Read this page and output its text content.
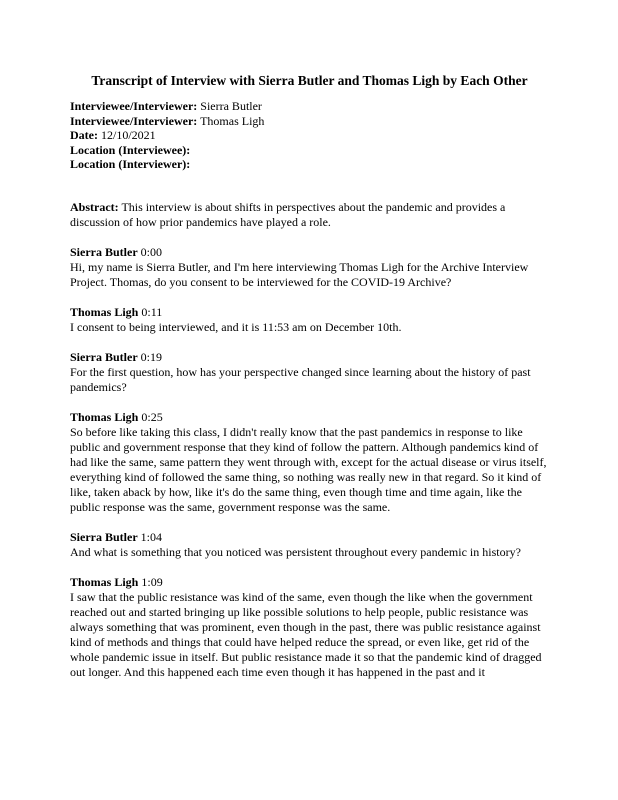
Transcript of Interview with Sierra Butler and Thomas Ligh by Each Other
Interviewee/Interviewer: Sierra Butler
Interviewee/Interviewer: Thomas Ligh
Date: 12/10/2021
Location (Interviewee):
Location (Interviewer):

Abstract: This interview is about shifts in perspectives about the pandemic and provides a discussion of how prior pandemics have played a role.

Sierra Butler 0:00

Hi, my name is Sierra Butler, and I'm here interviewing Thomas Ligh for the Archive Interview Project. Thomas, do you consent to be interviewed for the COVID-19 Archive?

Thomas Ligh 0:11

I consent to being interviewed, and it is 11:53 am on December 10th.

Sierra Butler 0:19

For the first question, how has your perspective changed since learning about the history of past pandemics?

Thomas Ligh 0:25

So before like taking this class, I didn't really know that the past pandemics in response to like public and government response that they kind of follow the pattern. Although pandemics kind of had like the same, same pattern they went through with, except for the actual disease or virus itself, everything kind of followed the same thing, so nothing was really new in that regard. So it kind of like, taken aback by how, like it's do the same thing, even though time and time again, like the public response was the same, government response was the same.

Sierra Butler 1:04

And what is something that you noticed was persistent throughout every pandemic in history?

Thomas Ligh 1:09

I saw that the public resistance was kind of the same, even though the like when the government reached out and started bringing up like possible solutions to help people, public resistance was always something that was prominent, even though in the past, there was public resistance against kind of methods and things that could have helped reduce the spread, or even like, get rid of the whole pandemic issue in itself. But public resistance made it so that the pandemic kind of dragged out longer. And this happened each time even though it has happened in the past and it
